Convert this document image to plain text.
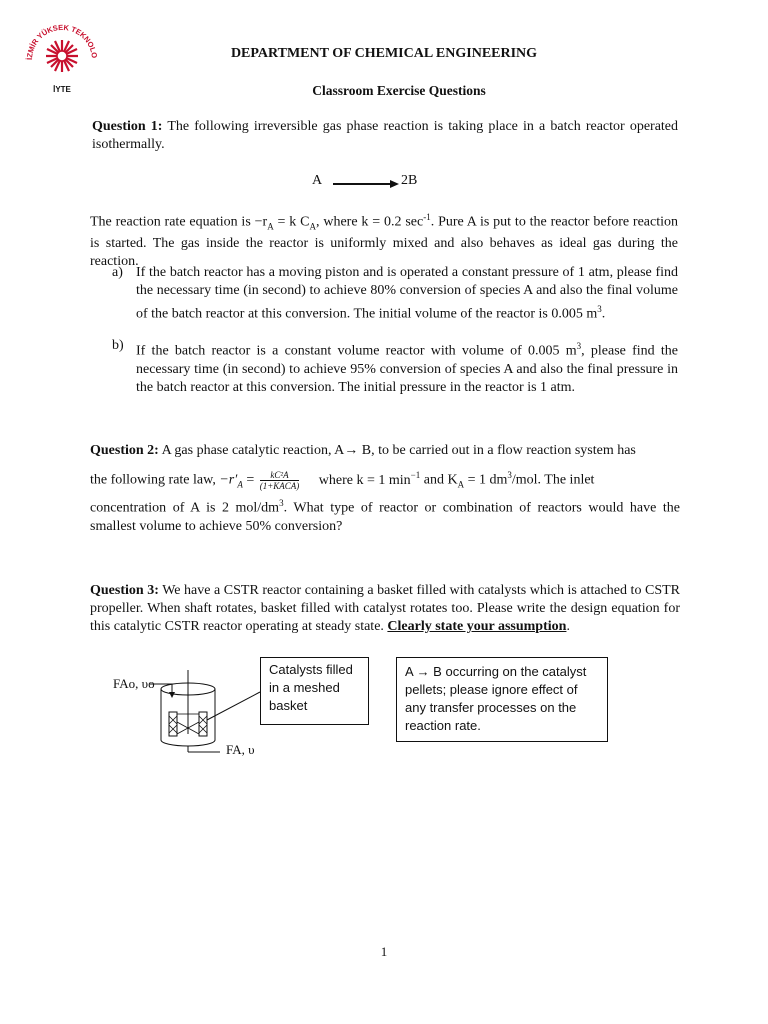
İZMİR YÜKSEK TEKNOLO
İYTE
DEPARTMENT OF CHEMICAL ENGINEERING
Classroom Exercise Questions
Question 1: The following irreversible gas phase reaction is taking place in a batch reactor operated isothermally.
A	2B
The reaction rate equation is $-r_A = k$ $C_A$, where k = 0.2 $\sec^{-1}$. Pure A is put to the reactor before reaction is started. The gas inside the reactor is uniformly mixed and also behaves as ideal gas during the reaction.
a) If the batch reactor has a moving piston and is operated a constant pressure of 1 atm, please find the necessary time (in second) to achieve 80% conversion of species A and also the final volume of the batch reactor at this conversion. The initial volume of the reactor is 0.005 $m^3$.
b) If the batch reactor is a constant volume reactor with volume of 0.005 $m^3$, please find the necessary time (in second) to achieve 95% conversion of species A and also the final pressure in the batch reactor at this conversion. The initial pressure in the reactor is 1 atm.
Question 2: A gas phase catalytic reaction, A→ B, to be carried out in a flow reaction system has
the following rate law, $-r'_A = \frac{\text{kC²A}}{\text{(1+KACA)}}$ where k = 1 $\min^{-1}$ and $K_A = 1$ $dm^3$/mol. The inlet
concentration of A is 2 mol/$dm^3$. What type of reactor or combination of reactors would have the smallest volume to achieve 50% conversion?
Question 3: We have a CSTR reactor containing a basket filled with catalysts which is attached to CSTR propeller. When shaft rotates, basket filled with catalyst rotates too. Please write the design equation for this catalytic CSTR reactor operating at steady state. Clearly state your assumption.
FAo, υo
FA, υ
Catalysts filled in a meshed basket
A → B occurring on the catalyst pellets; please ignore effect of any transfer processes on the reaction rate.
1
